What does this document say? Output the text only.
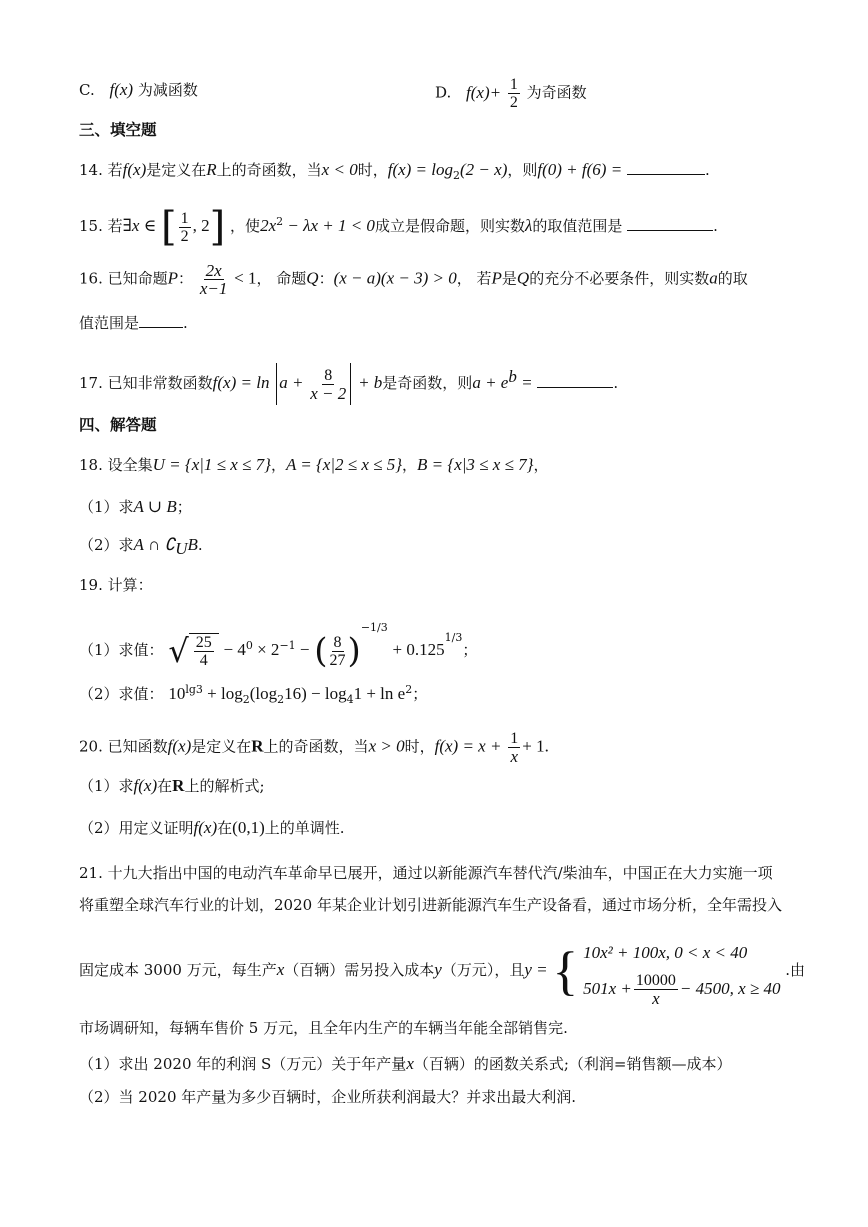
C. f(x) 为减函数	D. $f(x)+ \frac{1}{2}$ 为奇函数
三、填空题
14. 若f(x)是定义在R上的奇函数，当x < 0时，$f(x) = \log_2(2 - x)$，则f(0) + f(6) =	.
15. 若∃x ∈ [ $\frac{1}{2}$ , 2] ，使$2x^2 - \lambda x + 1 < 0$成立是假命题，则实数λ的取值范围是	.
16. 已知命题P： $\frac{2x}{x-1} < 1$， 命题Q：(x − a)(x − 3) > 0， 若P是Q的充分不必要条件，则实数a的取
值范围是	.
17. 已知非常数函数$f(x) = \ln a + \frac{8}{x - 2} + b$是奇函数，则$a + e^b$ =	.
四、解答题
18. 设全集U = {x|1 ≤ x ≤ 7}，A = {x|2 ≤ x ≤ 5}，B = {x|3 ≤ x ≤ 7}，
（1）求A ∪ B；
（2）求A ∩ $∁_UB$.
19. 计算：
（1）求值： √ $\frac{25}{4} - 4^0 \times 2^{-1}$ − ( $\frac{8}{27} )^{-1/3} + 0.125^{1/3}$；
（2）求值： $10^{lg3} + \log_2(\log_216) - \log_41 + \ln e^2$；
20. 已知函数f(x)是定义在R上的奇函数，当x > 0时，$f(x) = x + \frac{1}{x} + 1$.
（1）求f(x)在R上的解析式;
（2）用定义证明f(x)在(0,1)上的单调性.
21. 十九大指出中国的电动汽车革命早已展开，通过以新能源汽车替代汽/柴油车，中国正在大力实施一项
将重塑全球汽车行业的计划，2020 年某企业计划引进新能源汽车生产设备看，通过市场分析，全年需投入
固定成本 3000 万元，每生产x（百辆）需另投入成本y（万元），且y = { 10x² + 100x, 0 < x < 40
$501x + \frac{10000}{x} - 4500$, x ≥ 40
.由
市场调研知，每辆车售价 5 万元，且全年内生产的车辆当年能全部销售完.
（1）求出 2020 年的利润 S（万元）关于年产量x（百辆）的函数关系式;（利润=销售额—成本）
（2）当 2020 年产量为多少百辆时，企业所获利润最大？并求出最大利润.
